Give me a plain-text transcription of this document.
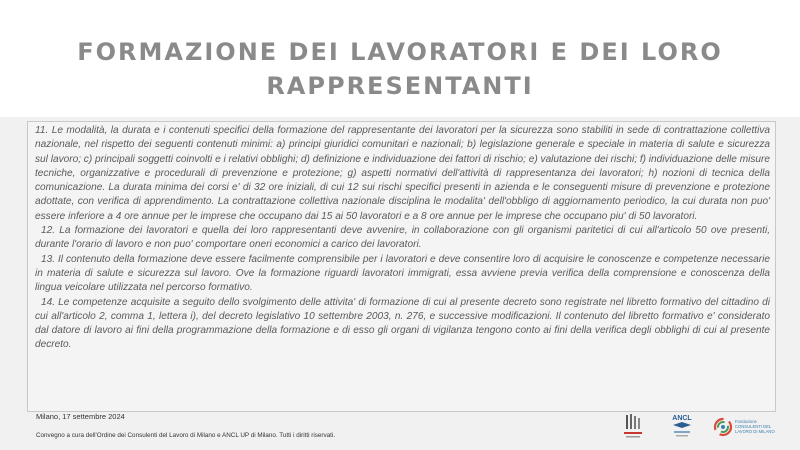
FORMAZIONE DEI LAVORATORI E DEI LORO
RAPPRESENTANTI

11. Le modalità, la durata e i contenuti specifici della formazione del rappresentante dei lavoratori per la sicurezza sono stabiliti in sede di contrattazione collettiva nazionale, nel rispetto dei seguenti contenuti minimi: a) principi giuridici comunitari e nazionali; b) legislazione generale e speciale in materia di salute e sicurezza sul lavoro; c) principali soggetti coinvolti e i relativi obblighi; d) definizione e individuazione dei fattori di rischio; e) valutazione dei rischi; f) individuazione delle misure tecniche, organizzative e procedurali di prevenzione e protezione; g) aspetti normativi dell'attività di rappresentanza dei lavoratori; h) nozioni di tecnica della comunicazione. La durata minima dei corsi e' di 32 ore iniziali, di cui 12 sui rischi specifici presenti in azienda e le conseguenti misure di prevenzione e protezione adottate, con verifica di apprendimento. La contrattazione collettiva nazionale disciplina le modalita' dell'obbligo di aggiornamento periodico, la cui durata non puo' essere inferiore a 4 ore annue per le imprese che occupano dai 15 ai 50 lavoratori e a 8 ore annue per le imprese che occupano piu' di 50 lavoratori.

12. La formazione dei lavoratori e quella dei loro rappresentanti deve avvenire, in collaborazione con gli organismi paritetici di cui all'articolo 50 ove presenti, durante l'orario di lavoro e non puo' comportare oneri economici a carico dei lavoratori.

13. Il contenuto della formazione deve essere facilmente comprensibile per i lavoratori e deve consentire loro di acquisire le conoscenze e competenze necessarie in materia di salute e sicurezza sul lavoro. Ove la formazione riguardi lavoratori immigrati, essa avviene previa verifica della comprensione e conoscenza della lingua veicolare utilizzata nel percorso formativo.

14. Le competenze acquisite a seguito dello svolgimento delle attivita' di formazione di cui al presente decreto sono registrate nel libretto formativo del cittadino di cui all'articolo 2, comma 1, lettera i), del decreto legislativo 10 settembre 2003, n. 276, e successive modificazioni. Il contenuto del libretto formativo e' considerato dal datore di lavoro ai fini della programmazione della formazione e di esso gli organi di vigilanza tengono conto ai fini della verifica degli obblighi di cui al presente decreto.

Milano, 17 settembre 2024
Convegno a cura dell'Ordine dei Consulenti del Lavoro di Milano e ANCL UP di Milano. Tutti i diritti riservati.
ANCL	Fondazione CONSULENTI DEL LAVORO DI MILANO
